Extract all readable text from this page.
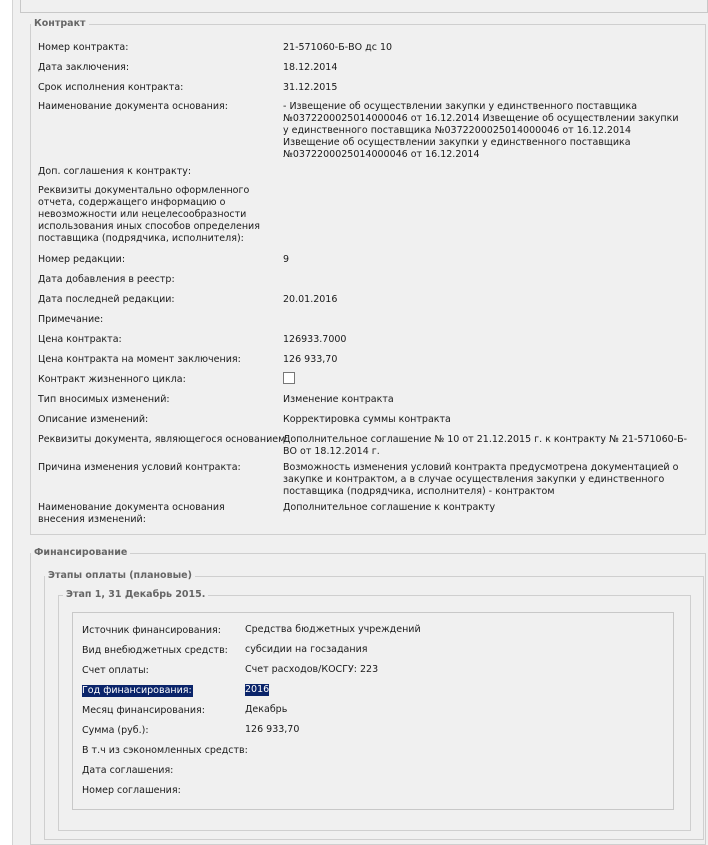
Контракт
Номер контракта:	21-571060-Б-ВО дс 10
Дата заключения:	18.12.2014
Срок исполнения контракта:	31.12.2015
Наименование документа основания:	- Извещение об осуществлении закупки у единственного поставщика №0372200025014000046 от 16.12.2014 Извещение об осуществлении закупки у единственного поставщика №0372200025014000046 от 16.12.2014 Извещение об осуществлении закупки у единственного поставщика №0372200025014000046 от 16.12.2014
Доп. соглашения к контракту:
Реквизиты документально оформленного отчета, содержащего информацию о невозможности или нецелесообразности использования иных способов определения поставщика (подрядчика, исполнителя):
Номер редакции:	9
Дата добавления в реестр:
Дата последней редакции:	20.01.2016
Примечание:
Цена контракта:	126933.7000
Цена контракта на момент заключения:	126 933,70
Контракт жизненного цикла:
Тип вносимых изменений:	Изменение контракта
Описание изменений:	Корректировка суммы контракта
Реквизиты документа, являющегося основанием:
Дополнительное соглашение № 10 от 21.12.2015 г. к контракту № 21-571060-Б-ВО от 18.12.2014 г.
Причина изменения условий контракта:	Возможность изменения условий контракта предусмотрена документацией о закупке и контрактом, а в случае осуществления закупки у единственного поставщика (подрядчика, исполнителя) - контрактом
Наименование документа основания внесения изменений:
Дополнительное соглашение к контракту
Финансирование
Этапы оплаты (плановые)
Этап 1, 31 Декабрь 2015.
Источник финансирования:	Средства бюджетных учреждений
Вид внебюджетных средств: субсидии на госзадания
Счет оплаты:	Счет расходов/КОСГУ: 223
Год финансирования:	2016
Месяц финансирования:	Декабрь
Сумма (руб.):	126 933,70
В т.ч из сэкономленных средств:
Дата соглашения:
Номер соглашения:
